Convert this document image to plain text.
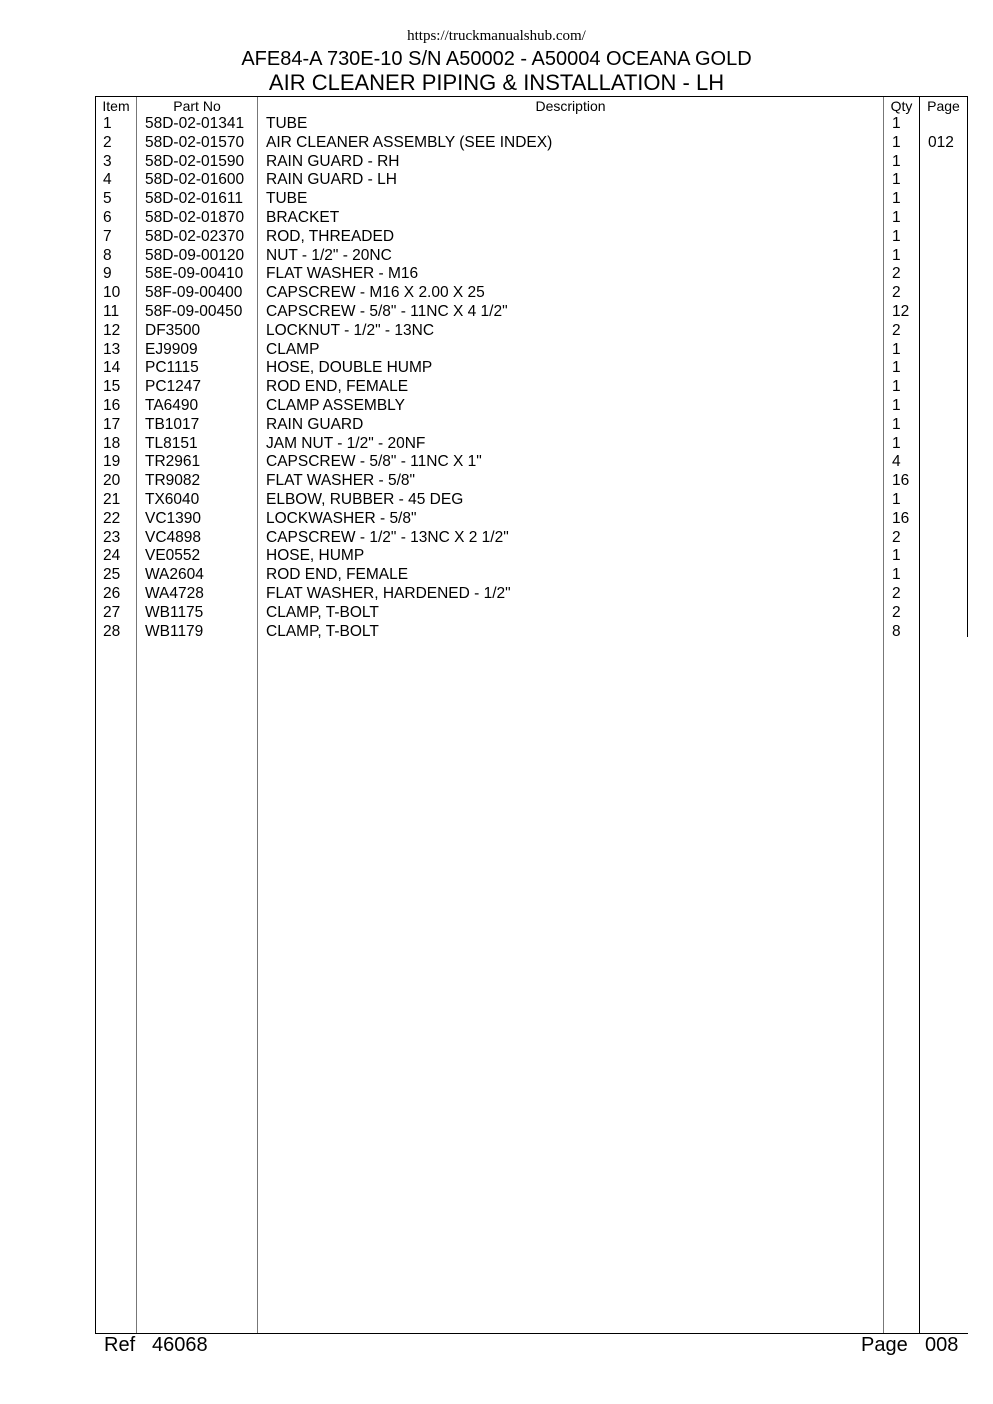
https://truckmanualshub.com/
AFE84-A 730E-10 S/N A50002 - A50004 OCEANA GOLD
AIR CLEANER PIPING & INSTALLATION - LH
Item	Part No	Description	Qty	Page
1 58D-02-01341 TUBE	1
2 58D-02-01570 AIR CLEANER ASSEMBLY (SEE INDEX)	1 012
3 58D-02-01590 RAIN GUARD - RH	1
4 58D-02-01600 RAIN GUARD - LH	1
5 58D-02-01611 TUBE	1
6 58D-02-01870 BRACKET	1
7 58D-02-02370 ROD, THREADED	1
8 58D-09-00120 NUT - 1/2" - 20NC	1
9 58E-09-00410 FLAT WASHER - M16	2
10 58F-09-00400 CAPSCREW - M16 X 2.00 X 25	2
11 58F-09-00450 CAPSCREW - 5/8" - 11NC X 4 1/2"	12
12 DF3500	LOCKNUT - 1/2" - 13NC	2
13 EJ9909	CLAMP	1
14 PC1115	HOSE, DOUBLE HUMP	1
15 PC1247	ROD END, FEMALE	1
16 TA6490	CLAMP ASSEMBLY	1
17 TB1017	RAIN GUARD	1
18 TL8151	JAM NUT - 1/2" - 20NF	1
19 TR2961	CAPSCREW - 5/8" - 11NC X 1"	4
20 TR9082	FLAT WASHER - 5/8"	16
21 TX6040	ELBOW, RUBBER - 45 DEG	1
22 VC1390	LOCKWASHER - 5/8"	16
23 VC4898	CAPSCREW - 1/2" - 13NC X 2 1/2"	2
24 VE0552	HOSE, HUMP	1
25 WA2604	ROD END, FEMALE	1
26 WA4728	FLAT WASHER, HARDENED - 1/2"	2
27 WB1175	CLAMP, T-BOLT	2
28 WB1179	CLAMP, T-BOLT	8
Ref 46068	Page 008
